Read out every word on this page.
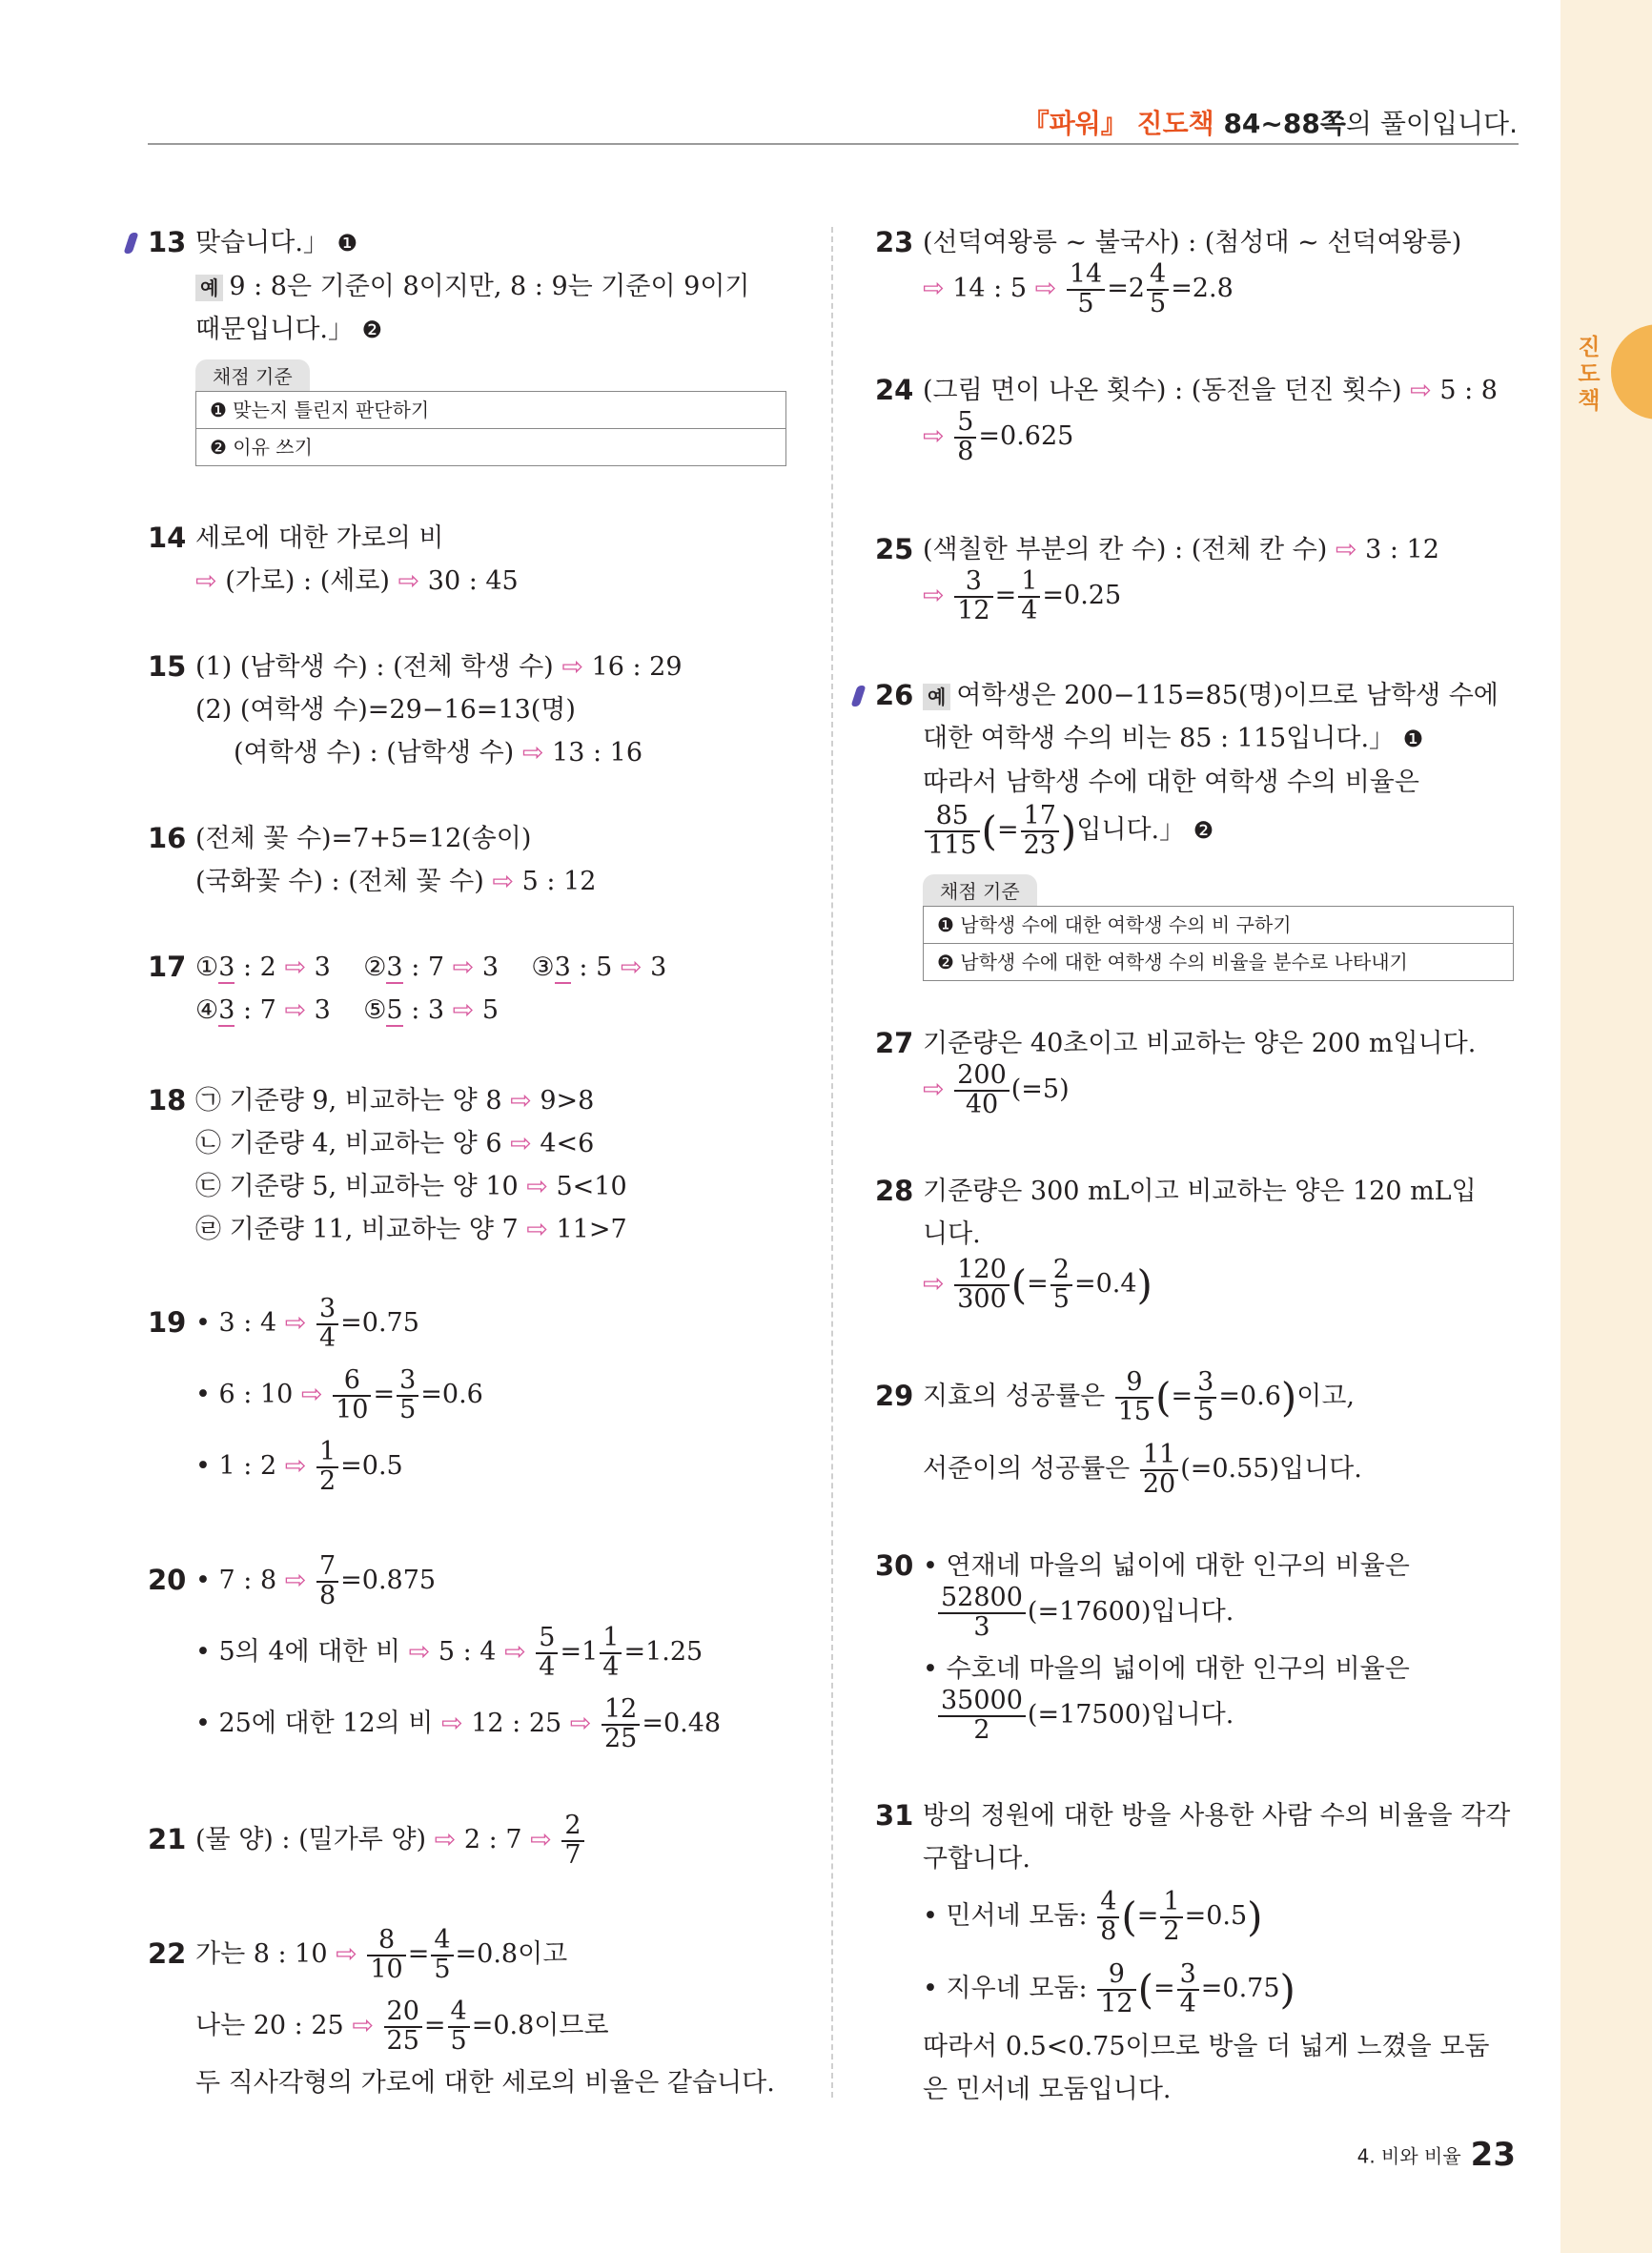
진도책
『파워』 진도책 84~88쪽의 풀이입니다.
13 맞습니다.」 ❶
예 9 : 8은 기준이 8이지만, 8 : 9는 기준이 9이기
때문입니다.」 ❷
채점 기준
❶ 맞는지 틀린지 판단하기
❷ 이유 쓰기
14 세로에 대한 가로의 비
⇨ (가로) : (세로) ⇨ 30 : 45
15 (1) (남학생 수) : (전체 학생 수) ⇨ 16 : 29
(2) (여학생 수)=29−16=13(명)
(여학생 수) : (남학생 수) ⇨ 13 : 16
16 (전체 꽃 수)=7+5=12(송이)
(국화꽃 수) : (전체 꽃 수) ⇨ 5 : 12
17 ①3 : 2 ⇨ 3 ②3 : 7 ⇨ 3 ③3 : 5 ⇨ 3
④3 : 7 ⇨ 3 ⑤5 : 3 ⇨ 5
18 ㉠ 기준량 9, 비교하는 양 8 ⇨ 9>8
㉡ 기준량 4, 비교하는 양 6 ⇨ 4<6
㉢ 기준량 5, 비교하는 양 10 ⇨ 5<10
㉣ 기준량 11, 비교하는 양 7 ⇨ 11>7
19 • 3 : 4 ⇨ $\frac{3}{4} =0.75$
• 6 : 10 ⇨ $\frac{6}{10} = \frac{3}{5} =0.6$
• 1 : 2 ⇨ $\frac{1}{2} =0.5$
20 • 7 : 8 ⇨ $\frac{7}{8} =0.875$
• 5의 4에 대한 비 ⇨ 5 : 4 ⇨ $\frac{5}{4} =1 \frac{1}{4} =1.25$
• 25에 대한 12의 비 ⇨ 12 : 25 ⇨ $\frac{12}{25} =0.48$
21 (물 양) : (밀가루 양) ⇨ 2 : 7 ⇨ $\frac{2}{7}$
22 가는 8 : 10 ⇨ $\frac{8}{10} = \frac{4}{5} =0.8$이고
나는 20 : 25 ⇨ $\frac{20}{25} = \frac{4}{5} =0.8$이므로
두 직사각형의 가로에 대한 세로의 비율은 같습니다.
23 (선덕여왕릉 ~ 불국사) : (첨성대 ~ 선덕여왕릉)
⇨ 14 : 5 ⇨ $\frac{14}{5} =2 \frac{4}{5} =2.8$
24 (그림 면이 나온 횟수) : (동전을 던진 횟수) ⇨ 5 : 8
⇨ $\frac{5}{8} =0.625$
25 (색칠한 부분의 칸 수) : (전체 칸 수) ⇨ 3 : 12
⇨ $\frac{3}{12} = \frac{1}{4} =0.25$
26 예 여학생은 200−115=85(명)이므로 남학생 수에
대한 여학생 수의 비는 85 : 115입니다.」 ❶
따라서 남학생 수에 대한 여학생 수의 비율은
$\frac{85}{115}$ (= $\frac{17}{23}$ )입니다.」 ❷
채점 기준
❶ 남학생 수에 대한 여학생 수의 비 구하기
❷ 남학생 수에 대한 여학생 수의 비율을 분수로 나타내기
27 기준량은 40초이고 비교하는 양은 200 m입니다.
⇨ $\frac{200}{40} (=5)$
28 기준량은 300 mL이고 비교하는 양은 120 mL입
니다.
⇨ $\frac{120}{300}$ (= $\frac{2}{5} =0.4$)
29 지효의 성공률은 $\frac{9}{15}$ (= $\frac{3}{5} =0.6$)이고,
서준이의 성공률은 $\frac{11}{20} (=0.55)$입니다.
30 • 연재네 마을의 넓이에 대한 인구의 비율은
$\frac{52800}{3} (=17600)$입니다.
• 수호네 마을의 넓이에 대한 인구의 비율은
$\frac{35000}{2} (=17500)$입니다.
31 방의 정원에 대한 방을 사용한 사람 수의 비율을 각각
구합니다.
• 민서네 모둠: $\frac{4}{8}$ (= $\frac{1}{2} =0.5$)
• 지우네 모둠: $\frac{9}{12}$ (= $\frac{3}{4} =0.75$)
따라서 0.5<0.75이므로 방을 더 넓게 느꼈을 모둠
은 민서네 모둠입니다.
4. 비와 비율 23
